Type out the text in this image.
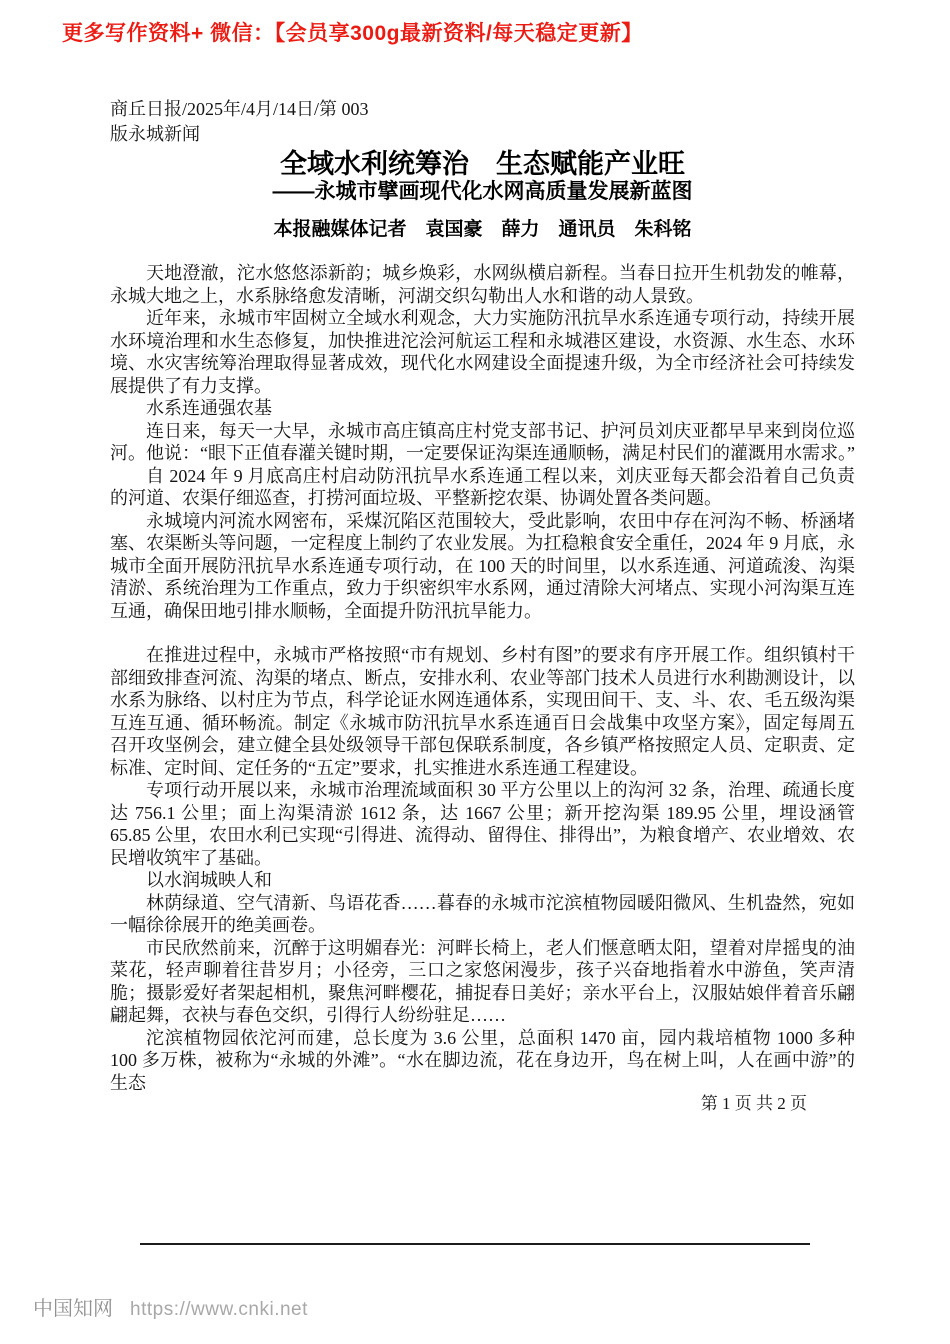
更多写作资料+ 微信：【会员享300g最新资料/每天稳定更新】
商丘日报/2025年/4月/14日/第 003
版永城新闻
全域水利统筹治　生态赋能产业旺
——永城市擘画现代化水网高质量发展新蓝图
本报融媒体记者　袁国豪　薛力　通讯员　朱科铭
天地澄澈，沱水悠悠添新韵；城乡焕彩，水网纵横启新程。当春日拉开生机勃发的帷幕，永城大地之上，水系脉络愈发清晰，河湖交织勾勒出人水和谐的动人景致。
近年来，永城市牢固树立全域水利观念，大力实施防汛抗旱水系连通专项行动，持续开展水环境治理和水生态修复，加快推进沱浍河航运工程和永城港区建设，水资源、水生态、水环境、水灾害统筹治理取得显著成效，现代化水网建设全面提速升级，为全市经济社会可持续发展提供了有力支撑。
水系连通强农基
连日来，每天一大早，永城市高庄镇高庄村党支部书记、护河员刘庆亚都早早来到岗位巡河。他说：“眼下正值春灌关键时期，一定要保证沟渠连通顺畅，满足村民们的灌溉用水需求。”
自 2024 年 9 月底高庄村启动防汛抗旱水系连通工程以来，刘庆亚每天都会沿着自己负责的河道、农渠仔细巡查，打捞河面垃圾、平整新挖农渠、协调处置各类问题。
永城境内河流水网密布，采煤沉陷区范围较大，受此影响，农田中存在河沟不畅、桥涵堵塞、农渠断头等问题，一定程度上制约了农业发展。为扛稳粮食安全重任，2024 年 9 月底，永城市全面开展防汛抗旱水系连通专项行动，在 100 天的时间里，以水系连通、河道疏浚、沟渠清淤、系统治理为工作重点，致力于织密织牢水系网，通过清除大河堵点、实现小河沟渠互连互通，确保田地引排水顺畅，全面提升防汛抗旱能力。
在推进过程中，永城市严格按照“市有规划、乡村有图”的要求有序开展工作。组织镇村干部细致排查河流、沟渠的堵点、断点，安排水利、农业等部门技术人员进行水利勘测设计，以水系为脉络、以村庄为节点，科学论证水网连通体系，实现田间干、支、斗、农、毛五级沟渠互连互通、循环畅流。制定《永城市防汛抗旱水系连通百日会战集中攻坚方案》，固定每周五召开攻坚例会，建立健全县处级领导干部包保联系制度，各乡镇严格按照定人员、定职责、定标准、定时间、定任务的“五定”要求，扎实推进水系连通工程建设。
专项行动开展以来，永城市治理流域面积 30 平方公里以上的沟河 32 条，治理、疏通长度达 756.1 公里；面上沟渠清淤 1612 条，达 1667 公里；新开挖沟渠 189.95 公里，埋设涵管 65.85 公里，农田水利已实现“引得进、流得动、留得住、排得出”，为粮食增产、农业增效、农民增收筑牢了基础。
以水润城映人和
林荫绿道、空气清新、鸟语花香……暮春的永城市沱滨植物园暖阳微风、生机盎然，宛如一幅徐徐展开的绝美画卷。
市民欣然前来，沉醉于这明媚春光：河畔长椅上，老人们惬意晒太阳，望着对岸摇曳的油菜花，轻声聊着往昔岁月；小径旁，三口之家悠闲漫步，孩子兴奋地指着水中游鱼，笑声清脆；摄影爱好者架起相机，聚焦河畔樱花，捕捉春日美好；亲水平台上，汉服姑娘伴着音乐翩翩起舞，衣袂与春色交织，引得行人纷纷驻足……
沱滨植物园依沱河而建，总长度为 3.6 公里，总面积 1470 亩，园内栽培植物 1000 多种 100 多万株，被称为“永城的外滩”。“水在脚边流，花在身边开，鸟在树上叫，人在画中游”的生态
第 1 页 共 2 页
中国知网 https://www.cnki.net
